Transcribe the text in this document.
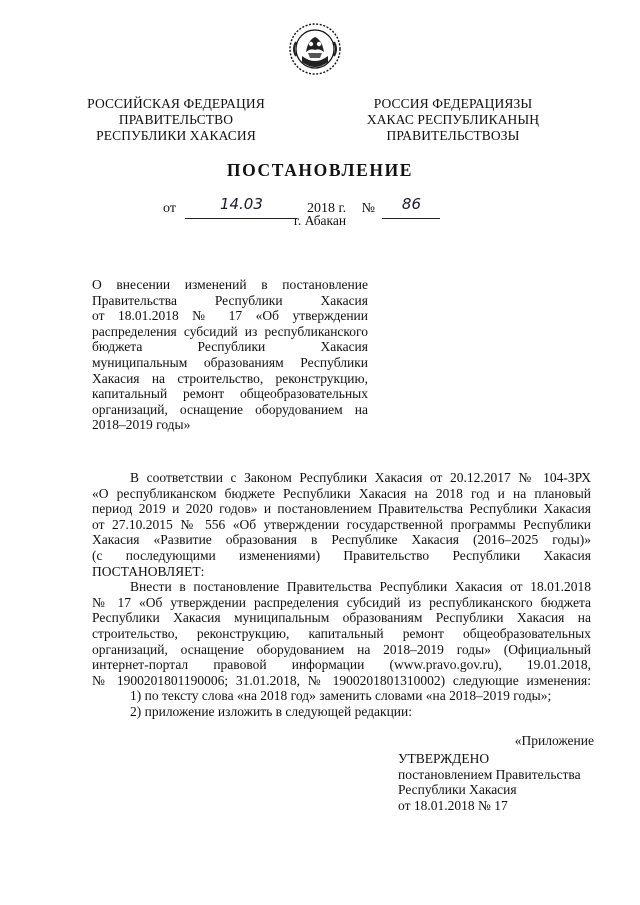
РОССИЙСКАЯ ФЕДЕРАЦИЯ
ПРАВИТЕЛЬСТВО
РЕСПУБЛИКИ ХАКАСИЯ
РОССИЯ ФЕДЕРАЦИЯЗЫ
ХАКАС РЕСПУБЛИКАНЫҢ
ПРАВИТЕЛЬСТВОЗЫ
ПОСТАНОВЛЕНИЕ
от	14.03	2018 г. № 86
г. Абакан
О внесении изменений в постановление
Правительства Республики Хакасия
от 18.01.2018 № 17 «Об утверждении
распределения субсидий из республиканского
бюджета Республики Хакасия
муниципальным образованиям Республики
Хакасия на строительство, реконструкцию,
капитальный ремонт общеобразовательных
организаций, оснащение оборудованием на
2018–2019 годы»
В соответствии с Законом Республики Хакасия от 20.12.2017 № 104-ЗРХ
«О республиканском бюджете Республики Хакасия на 2018 год и на плановый
период 2019 и 2020 годов» и постановлением Правительства Республики Хакасия
от 27.10.2015 № 556 «Об утверждении государственной программы Республики
Хакасия «Развитие образования в Республике Хакасия (2016–2025 годы)»
(с последующими изменениями) Правительство Республики Хакасия
ПОСТАНОВЛЯЕТ:
Внести в постановление Правительства Республики Хакасия от 18.01.2018
№ 17 «Об утверждении распределения субсидий из республиканского бюджета
Республики Хакасия муниципальным образованиям Республики Хакасия на
строительство, реконструкцию, капитальный ремонт общеобразовательных
организаций, оснащение оборудованием на 2018–2019 годы» (Официальный
интернет-портал правовой информации (www.pravo.gov.ru), 19.01.2018,
№ 1900201801190006; 31.01.2018, № 1900201801310002) следующие изменения:
1) по тексту слова «на 2018 год» заменить словами «на 2018–2019 годы»;
2) приложение изложить в следующей редакции:
«Приложение
УТВЕРЖДЕНО
постановлением Правительства
Республики Хакасия
от 18.01.2018 № 17
